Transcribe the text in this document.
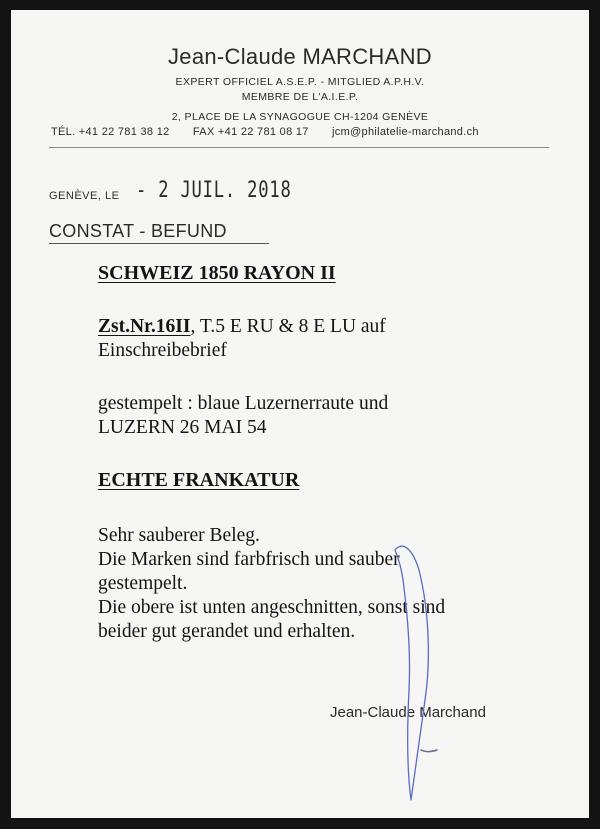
Jean-Claude MARCHAND
EXPERT OFFICIEL A.S.E.P. - MITGLIED A.P.H.V.
MEMBRE DE L'A.I.E.P.
2, PLACE DE LA SYNAGOGUE CH-1204 GENÈVE
TÉL. +41 22 781 38 12 FAX +41 22 781 08 17 jcm@philatelie-marchand.ch
GENÈVE, LE - 2 JUIL. 2018
CONSTAT - BEFUND
SCHWEIZ 1850 RAYON II
Zst.Nr.16II, T.5 E RU & 8 E LU auf
Einschreibebrief
gestempelt : blaue Luzernerraute und
LUZERN 26 MAI 54
ECHTE FRANKATUR
Sehr sauberer Beleg.
Die Marken sind farbfrisch und sauber
gestempelt.
Die obere ist unten angeschnitten, sonst sind
beider gut gerandet und erhalten.
Jean-Claude Marchand
